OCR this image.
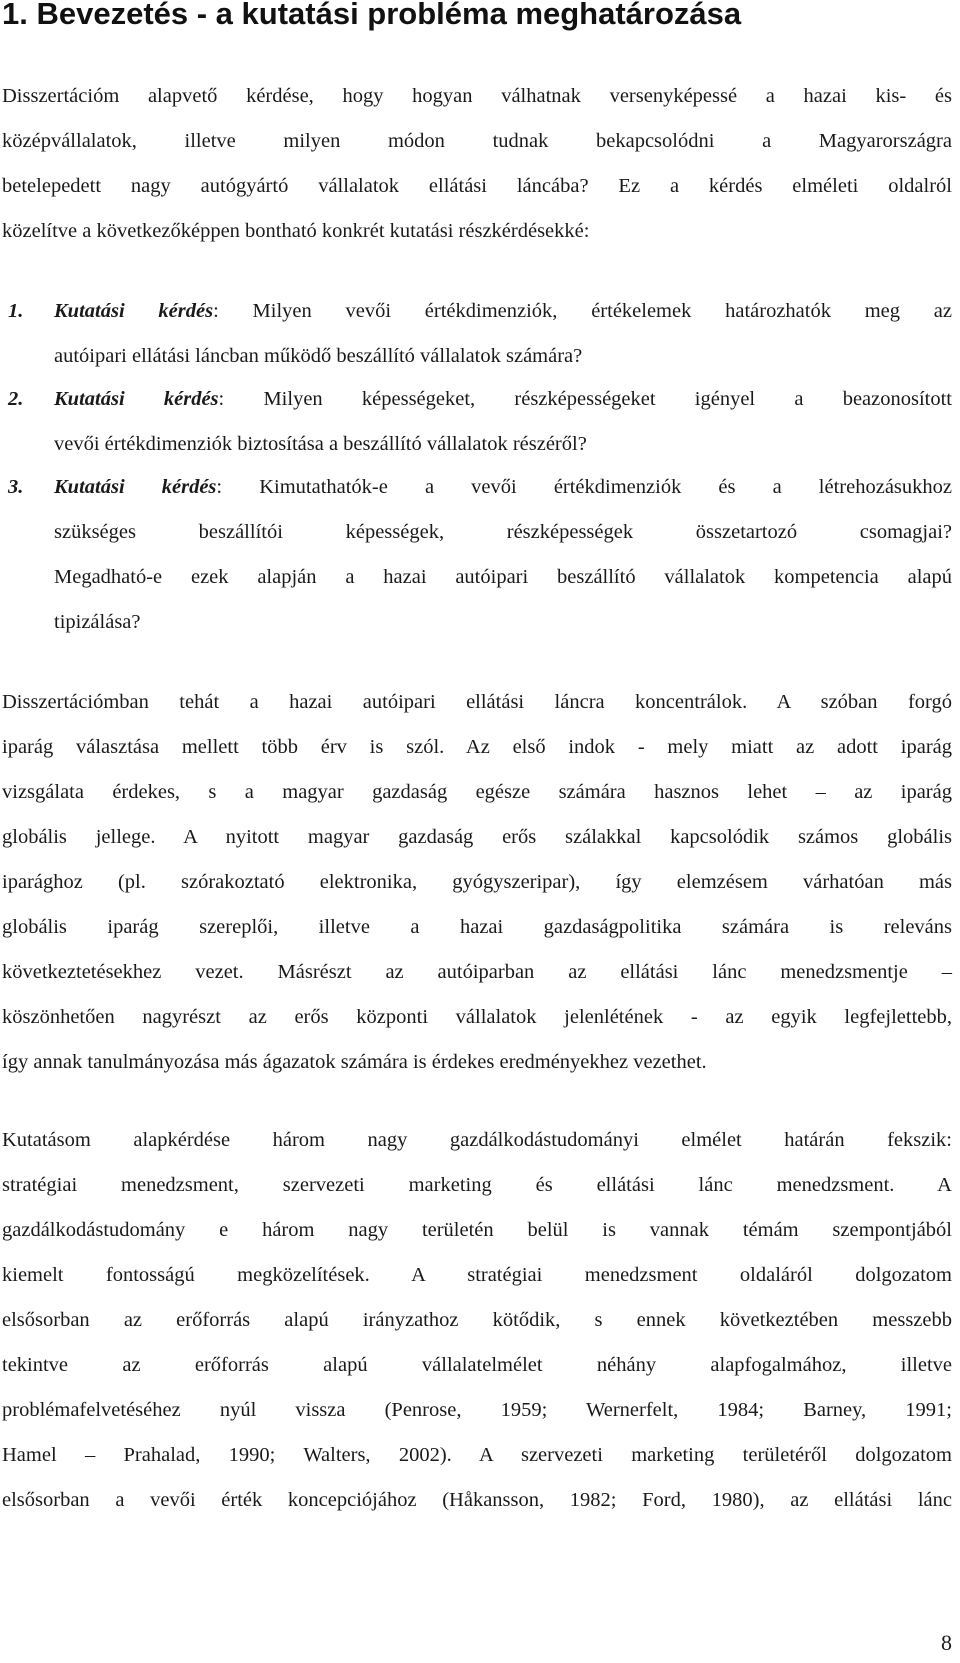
1. Bevezetés - a kutatási probléma meghatározása
Disszertációm alapvető kérdése, hogy hogyan válhatnak versenyképessé a hazai kis- és
középvállalatok, illetve milyen módon tudnak bekapcsolódni a Magyarországra
betelepedett nagy autógyártó vállalatok ellátási láncába? Ez a kérdés elméleti oldalról
közelítve a következőképpen bontható konkrét kutatási részkérdésekké:
1. Kutatási kérdés: Milyen vevői értékdimenziók, értékelemek határozhatók meg az
autóipari ellátási láncban működő beszállító vállalatok számára?
2. Kutatási kérdés: Milyen képességeket, részképességeket igényel a beazonosított
vevői értékdimenziók biztosítása a beszállító vállalatok részéről?
3. Kutatási kérdés: Kimutathatók-e a vevői értékdimenziók és a létrehozásukhoz
szükséges beszállítói képességek, részképességek összetartozó csomagjai?
Megadható-e ezek alapján a hazai autóipari beszállító vállalatok kompetencia alapú
tipizálása?
Disszertációmban tehát a hazai autóipari ellátási láncra koncentrálok. A szóban forgó
iparág választása mellett több érv is szól. Az első indok - mely miatt az adott iparág
vizsgálata érdekes, s a magyar gazdaság egésze számára hasznos lehet – az iparág
globális jellege. A nyitott magyar gazdaság erős szálakkal kapcsolódik számos globális
iparághoz (pl. szórakoztató elektronika, gyógyszeripar), így elemzésem várhatóan más
globális iparág szereplői, illetve a hazai gazdaságpolitika számára is releváns
következtetésekhez vezet. Másrészt az autóiparban az ellátási lánc menedzsmentje –
köszönhetően nagyrészt az erős központi vállalatok jelenlétének - az egyik legfejlettebb,
így annak tanulmányozása más ágazatok számára is érdekes eredményekhez vezethet.
Kutatásom alapkérdése három nagy gazdálkodástudományi elmélet határán fekszik:
stratégiai menedzsment, szervezeti marketing és ellátási lánc menedzsment. A
gazdálkodástudomány e három nagy területén belül is vannak témám szempontjából
kiemelt fontosságú megközelítések. A stratégiai menedzsment oldaláról dolgozatom
elsősorban az erőforrás alapú irányzathoz kötődik, s ennek következtében messzebb
tekintve az erőforrás alapú vállalatelmélet néhány alapfogalmához, illetve
problémafelvetéséhez nyúl vissza (Penrose, 1959; Wernerfelt, 1984; Barney, 1991;
Hamel – Prahalad, 1990; Walters, 2002). A szervezeti marketing területéről dolgozatom
elsősorban a vevői érték koncepciójához (Håkansson, 1982; Ford, 1980), az ellátási lánc
8
